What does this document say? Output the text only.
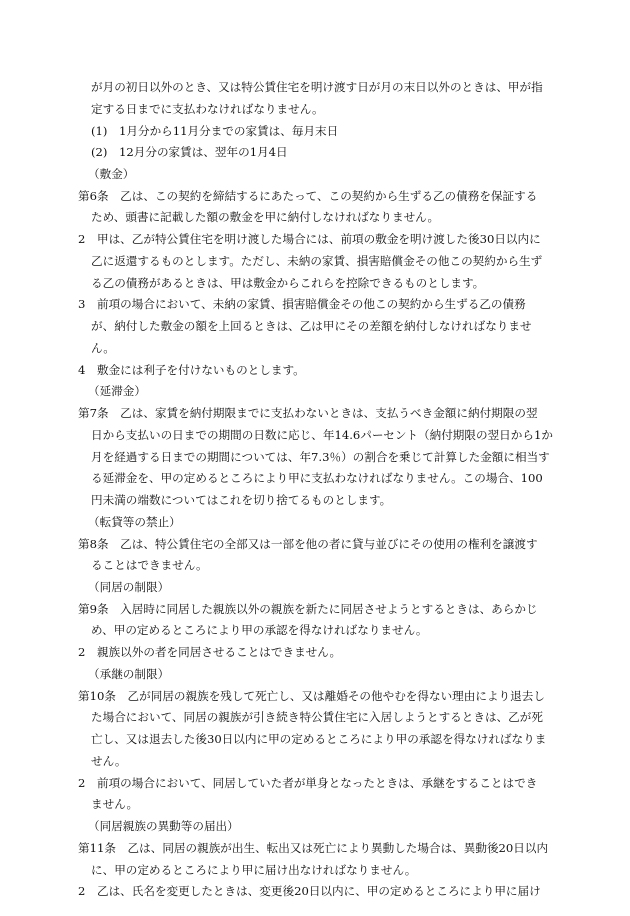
が月の初日以外のとき、又は特公賃住宅を明け渡す日が月の末日以外のときは、甲が指
定する日までに支払わなければなりません。
(1)　1月分から11月分までの家賃は、毎月末日
(2)　12月分の家賃は、翌年の1月4日
（敷金）
第6条　乙は、この契約を締結するにあたって、この契約から生ずる乙の債務を保証する
ため、頭書に記載した額の敷金を甲に納付しなければなりません。
2　甲は、乙が特公賃住宅を明け渡した場合には、前項の敷金を明け渡した後30日以内に
乙に返還するものとします。ただし、未納の家賃、損害賠償金その他この契約から生ず
る乙の債務があるときは、甲は敷金からこれらを控除できるものとします。
3　前項の場合において、未納の家賃、損害賠償金その他この契約から生ずる乙の債務
が、納付した敷金の額を上回るときは、乙は甲にその差額を納付しなければなりませ
ん。
4　敷金には利子を付けないものとします。
（延滞金）
第7条　乙は、家賃を納付期限までに支払わないときは、支払うべき金額に納付期限の翌
日から支払いの日までの期間の日数に応じ、年14.6パーセント（納付期限の翌日から1か
月を経過する日までの期間については、年7.3％）の割合を乗じて計算した金額に相当す
る延滞金を、甲の定めるところにより甲に支払わなければなりません。この場合、100
円未満の端数についてはこれを切り捨てるものとします。
（転貸等の禁止）
第8条　乙は、特公賃住宅の全部又は一部を他の者に貸与並びにその使用の権利を譲渡す
ることはできません。
（同居の制限）
第9条　入居時に同居した親族以外の親族を新たに同居させようとするときは、あらかじ
め、甲の定めるところにより甲の承認を得なければなりません。
2　親族以外の者を同居させることはできません。
（承継の制限）
第10条　乙が同居の親族を残して死亡し、又は離婚その他やむを得ない理由により退去し
た場合において、同居の親族が引き続き特公賃住宅に入居しようとするときは、乙が死
亡し、又は退去した後30日以内に甲の定めるところにより甲の承認を得なければなりま
せん。
2　前項の場合において、同居していた者が単身となったときは、承継をすることはでき
ません。
（同居親族の異動等の届出）
第11条　乙は、同居の親族が出生、転出又は死亡により異動した場合は、異動後20日以内
に、甲の定めるところにより甲に届け出なければなりません。
2　乙は、氏名を変更したときは、変更後20日以内に、甲の定めるところにより甲に届け
